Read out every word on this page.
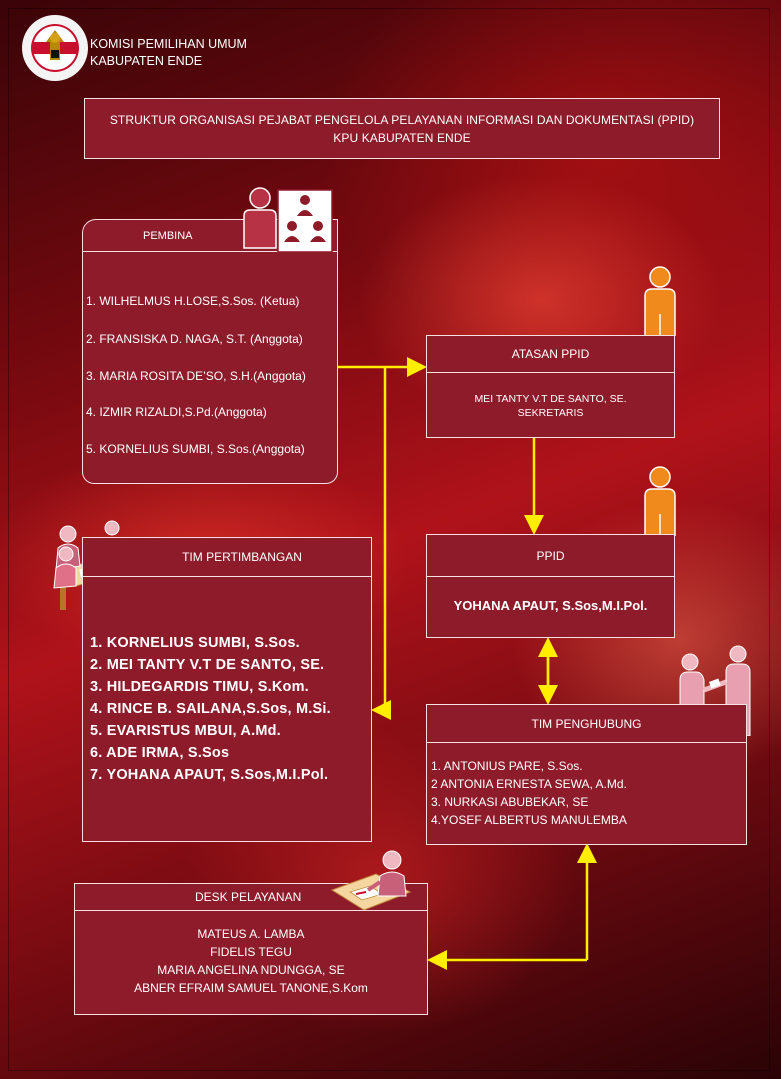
KOMISI PEMILIHAN UMUM
KABUPATEN ENDE
STRUKTUR ORGANISASI PEJABAT PENGELOLA PELAYANAN INFORMASI DAN DOKUMENTASI (PPID)
KPU KABUPATEN ENDE
PEMBINA
1. WILHELMUS H.LOSE,S.Sos. (Ketua)
2. FRANSISKA D. NAGA, S.T. (Anggota)
3. MARIA ROSITA DE’SO, S.H.(Anggota)
4. IZMIR RIZALDI,S.Pd.(Anggota)
5. KORNELIUS SUMBI, S.Sos.(Anggota)
ATASAN PPID
MEI TANTY V.T DE SANTO, SE.
SEKRETARIS
PPID
YOHANA APAUT, S.Sos,M.I.Pol.
TIM PERTIMBANGAN
1. KORNELIUS SUMBI, S.Sos.
2. MEI TANTY V.T DE SANTO, SE.
3. HILDEGARDIS TIMU, S.Kom.
4. RINCE B. SAILANA,S.Sos, M.Si.
5. EVARISTUS MBUI, A.Md.
6. ADE IRMA, S.Sos
7. YOHANA APAUT, S.Sos,M.I.Pol.
TIM PENGHUBUNG
1. ANTONIUS PARE, S.Sos.
2 ANTONIA ERNESTA SEWA, A.Md.
3. NURKASI ABUBEKAR, SE
4.YOSEF ALBERTUS MANULEMBA
DESK PELAYANAN
MATEUS A. LAMBA
FIDELIS TEGU
MARIA ANGELINA NDUNGGA, SE
ABNER EFRAIM SAMUEL TANONE,S.Kom
